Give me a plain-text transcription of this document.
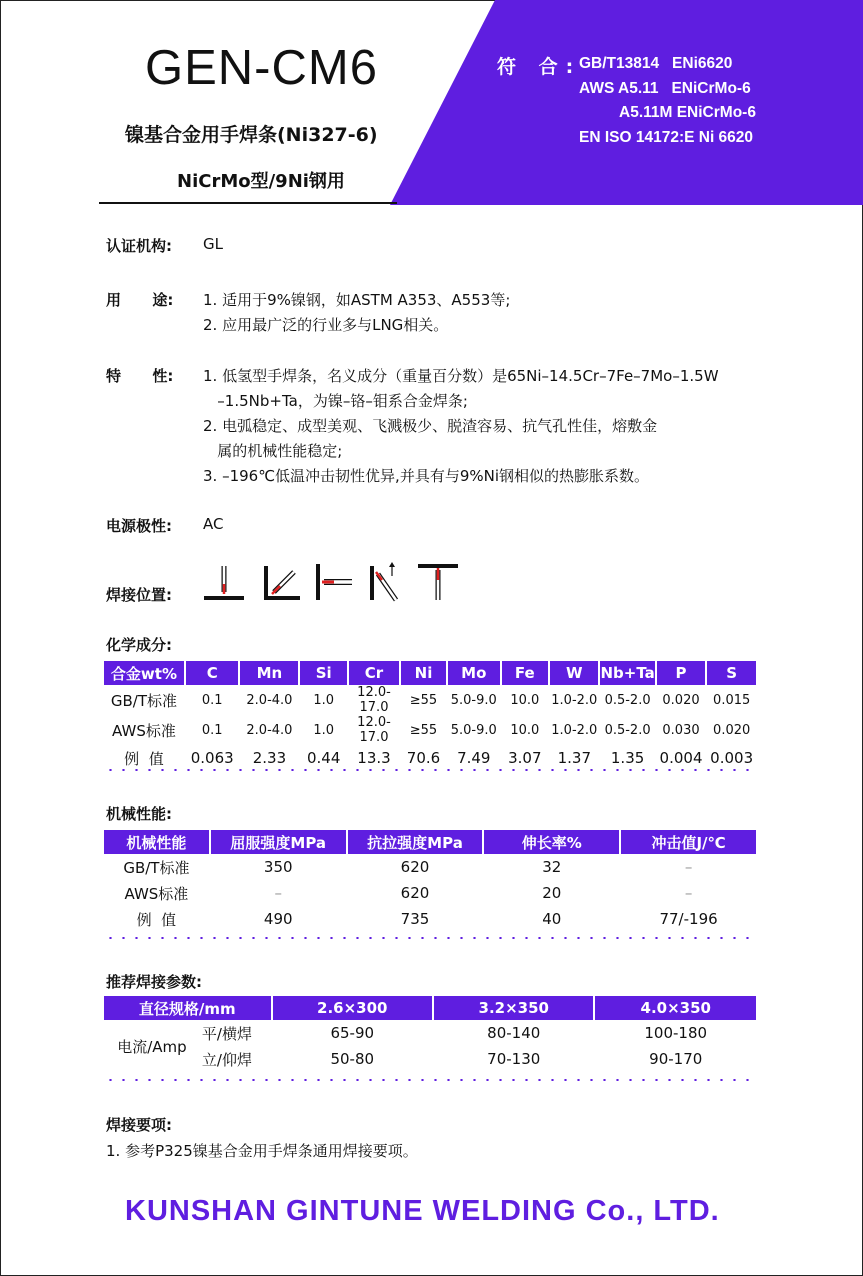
GEN-CM6
镍基合金用手焊条(Ni327-6)
NiCrMo型/9Ni钢用
符 合:
GB/T13814   ENi6620
AWS A5.11   ENiCrMo-6
A5.11M ENiCrMo-6
EN ISO 14172:E Ni 6620
认证机构: GL
用      途: 1. 适用于9%镍钢，如ASTM A353、A553等;
2. 应用最广泛的行业多与LNG相关。
特      性: 1. 低氢型手焊条，名义成分（重量百分数）是65Ni–14.5Cr–7Fe–7Mo–1.5W
–1.5Nb+Ta，为镍–铬–钼系合金焊条;
2. 电弧稳定、成型美观、飞溅极少、脱渣容易、抗气孔性佳，熔敷金
属的机械性能稳定;
3. –196℃低温冲击韧性优异,并具有与9%Ni钢相似的热膨胀系数。
电源极性: AC
焊接位置:
化学成分:
合金wt%	C	Mn	Si	Cr	Ni	Mo	Fe	W	Nb+Ta	P	S
GB/T标准	0.1	2.0-4.0	1.0	12.0-17.0	≥55	5.0-9.0	10.0	1.0-2.0	0.5-2.0	0.020	0.015
AWS标准	0.1	2.0-4.0	1.0	12.0-17.0	≥55	5.0-9.0	10.0	1.0-2.0	0.5-2.0	0.030	0.020
例  值	0.063	2.33	0.44	13.3	70.6	7.49	3.07	1.37	1.35	0.004	0.003
机械性能:
机械性能	屈服强度MPa	抗拉强度MPa	伸长率%	冲击值J/℃
GB/T标准	350	620	32	–
AWS标准	–	620	20	–
例  值	490	735	40	77/-196
推荐焊接参数:
直径规格/mm		2.6×300	3.2×350	4.0×350
电流/Amp	平/横焊	65-90	80-140	100-180
	立/仰焊	50-80	70-130	90-170
焊接要项:
1. 参考P325镍基合金用手焊条通用焊接要项。
KUNSHAN GINTUNE WELDING Co., LTD.
